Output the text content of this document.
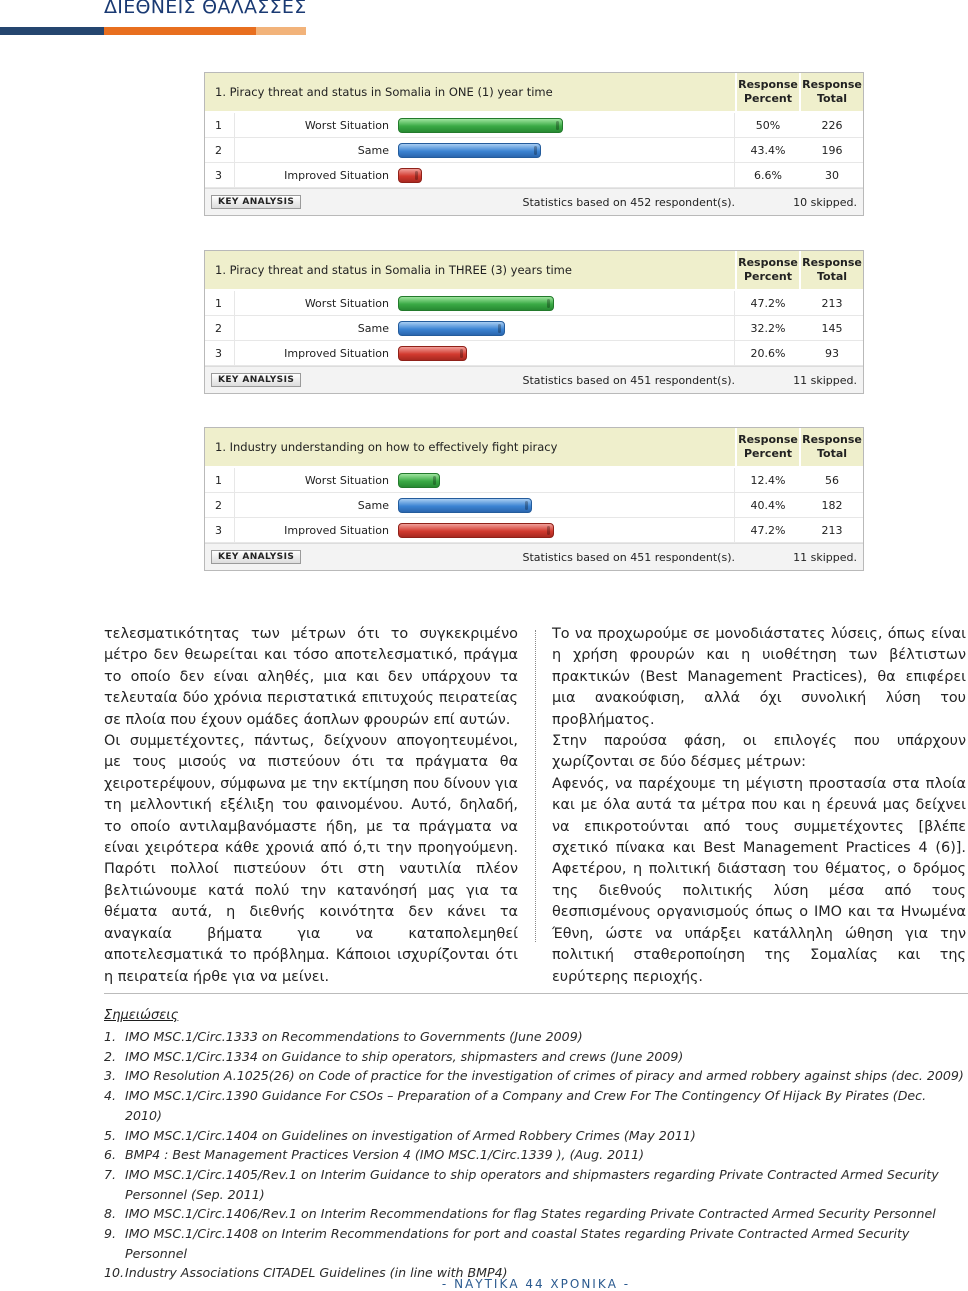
ΔΙΕΘΝΕΙΣ ΘΑΛΑΣΣΕΣ
1. Piracy threat and status in Somalia in ONE (1) year time
Response Percent
Response Total
1	Worst Situation	50%	226
2	Same	43.4%	196
3	Improved Situation	6.6%	30
KEY ANALYSIS	Statistics based on 452 respondent(s).	10 skipped.
1. Piracy threat and status in Somalia in THREE (3) years time
Response Percent
Response Total
1	Worst Situation	47.2%	213
2	Same	32.2%	145
3	Improved Situation	20.6%	93
KEY ANALYSIS	Statistics based on 451 respondent(s).	11 skipped.
1. Industry understanding on how to effectively fight piracy
Response Percent
Response Total
1	Worst Situation	12.4%	56
2	Same	40.4%	182
3	Improved Situation	47.2%	213
KEY ANALYSIS	Statistics based on 451 respondent(s).	11 skipped.

τελεσματικότητας των μέτρων ότι το συγκεκριμένο μέτρο δεν θεωρείται και τόσο αποτελεσματικό, πράγμα το οποίο δεν είναι αληθές, μια και δεν υπάρχουν τα τελευταία δύο χρόνια περιστατικά επιτυχούς πειρατείας σε πλοία που έχουν ομάδες άοπλων φρουρών επί αυτών.

Οι συμμετέχοντες, πάντως, δείχνουν απογοητευμένοι, με τους μισούς να πιστεύουν ότι τα πράγματα θα χειροτερέψουν, σύμφωνα με την εκτίμηση που δίνουν για τη μελλοντική εξέλιξη του φαινομένου. Αυτό, δηλαδή, το οποίο αντιλαμβανόμαστε ήδη, με τα πράγματα να είναι χειρότερα κάθε χρονιά από ό,τι την προηγούμενη. Παρότι πολλοί πιστεύουν ότι στη ναυτιλία πλέον βελτιώνουμε κατά πολύ την κατανόησή μας για τα θέματα αυτά, η διεθνής κοινότητα δεν κάνει τα αναγκαία βήματα για να καταπολεμηθεί αποτελεσματικά το πρόβλημα. Κάποιοι ισχυρίζονται ότι η πειρατεία ήρθε για να μείνει.

Το να προχωρούμε σε μονοδιάστατες λύσεις, όπως είναι η χρήση φρουρών και η υιοθέτηση των βέλτιστων πρακτικών (Best Management Practices), θα επιφέρει μια ανακούφιση, αλλά όχι συνολική λύση του προβλήματος.

Στην παρούσα φάση, οι επιλογές που υπάρχουν χωρίζονται σε δύο δέσμες μέτρων:

Αφενός, να παρέχουμε τη μέγιστη προστασία στα πλοία και με όλα αυτά τα μέτρα που και η έρευνά μας δείχνει να επικροτούνται από τους συμμετέχοντες [βλέπε σχετικό πίνακα και Best Management Practices 4 (6)]. Αφετέρου, η πολιτική διάσταση του θέματος, ο δρόμος της διεθνούς πολιτικής λύση μέσα από τους θεσπισμένους οργανισμούς όπως ο ΙΜΟ και τα Ηνωμένα Έθνη, ώστε να υπάρξει κατάλληλη ώθηση για την πολιτική σταθεροποίηση της Σομαλίας και της ευρύτερης περιοχής.

Σημειώσεις
1. IMO MSC.1/Circ.1333 on Recommendations to Governments (June 2009)
2. IMO MSC.1/Circ.1334 on Guidance to ship operators, shipmasters and crews (June 2009)
3. IMO Resolution A.1025(26) on Code of practice for the investigation of crimes of piracy and armed robbery against ships (dec. 2009)
4. IMO MSC.1/Circ.1390 Guidance For CSOs – Preparation of a Company and Crew For The Contingency Of Hijack By Pirates (Dec. 2010)
5. IMO MSC.1/Circ.1404 on Guidelines on investigation of Armed Robbery Crimes (May 2011)
6. BMP4 : Best Management Practices Version 4 (IMO MSC.1/Circ.1339 ), (Aug. 2011)
7. IMO MSC.1/Circ.1405/Rev.1 on Interim Guidance to ship operators and shipmasters regarding Private Contracted Armed Security Personnel (Sep. 2011)
8. IMO MSC.1/Circ.1406/Rev.1 on Interim Recommendations for flag States regarding Private Contracted Armed Security Personnel
9. IMO MSC.1/Circ.1408 on Interim Recommendations for port and coastal States regarding Private Contracted Armed Security Personnel
10. Industry Associations CITADEL Guidelines (in line with BMP4)
- ΝΑΥΤΙΚΑ 44 ΧΡΟΝΙΚΑ -
